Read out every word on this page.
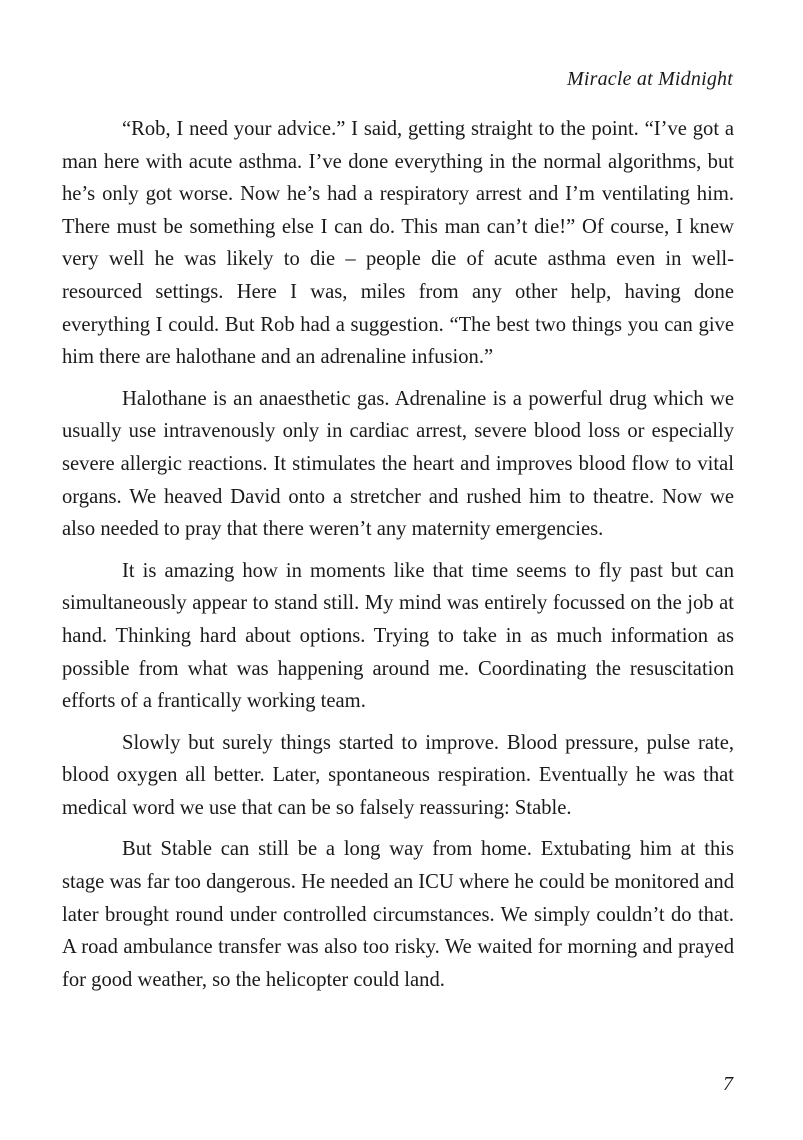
Miracle at Midnight

“Rob, I need your advice.” I said, getting straight to the point. “I’ve got a man here with acute asthma. I’ve done everything in the normal algorithms, but he’s only got worse. Now he’s had a respiratory arrest and I’m ventilating him. There must be something else I can do. This man can’t die!” Of course, I knew very well he was likely to die – people die of acute asthma even in well-resourced settings. Here I was, miles from any other help, having done everything I could. But Rob had a suggestion. “The best two things you can give him there are halothane and an adrenaline infusion.”

Halothane is an anaesthetic gas. Adrenaline is a powerful drug which we usually use intravenously only in cardiac arrest, severe blood loss or especially severe allergic reactions. It stimulates the heart and improves blood flow to vital organs. We heaved David onto a stretcher and rushed him to theatre. Now we also needed to pray that there weren’t any maternity emergencies.

It is amazing how in moments like that time seems to fly past but can simultaneously appear to stand still. My mind was entirely focussed on the job at hand. Thinking hard about options. Trying to take in as much information as possible from what was happening around me. Coordinating the resuscitation efforts of a frantically working team.

Slowly but surely things started to improve. Blood pressure, pulse rate, blood oxygen all better. Later, spontaneous respiration. Eventually he was that medical word we use that can be so falsely reassuring: Stable.

But Stable can still be a long way from home. Extubating him at this stage was far too dangerous. He needed an ICU where he could be monitored and later brought round under controlled circumstances. We simply couldn’t do that. A road ambulance transfer was also too risky. We waited for morning and prayed for good weather, so the helicopter could land.

7
